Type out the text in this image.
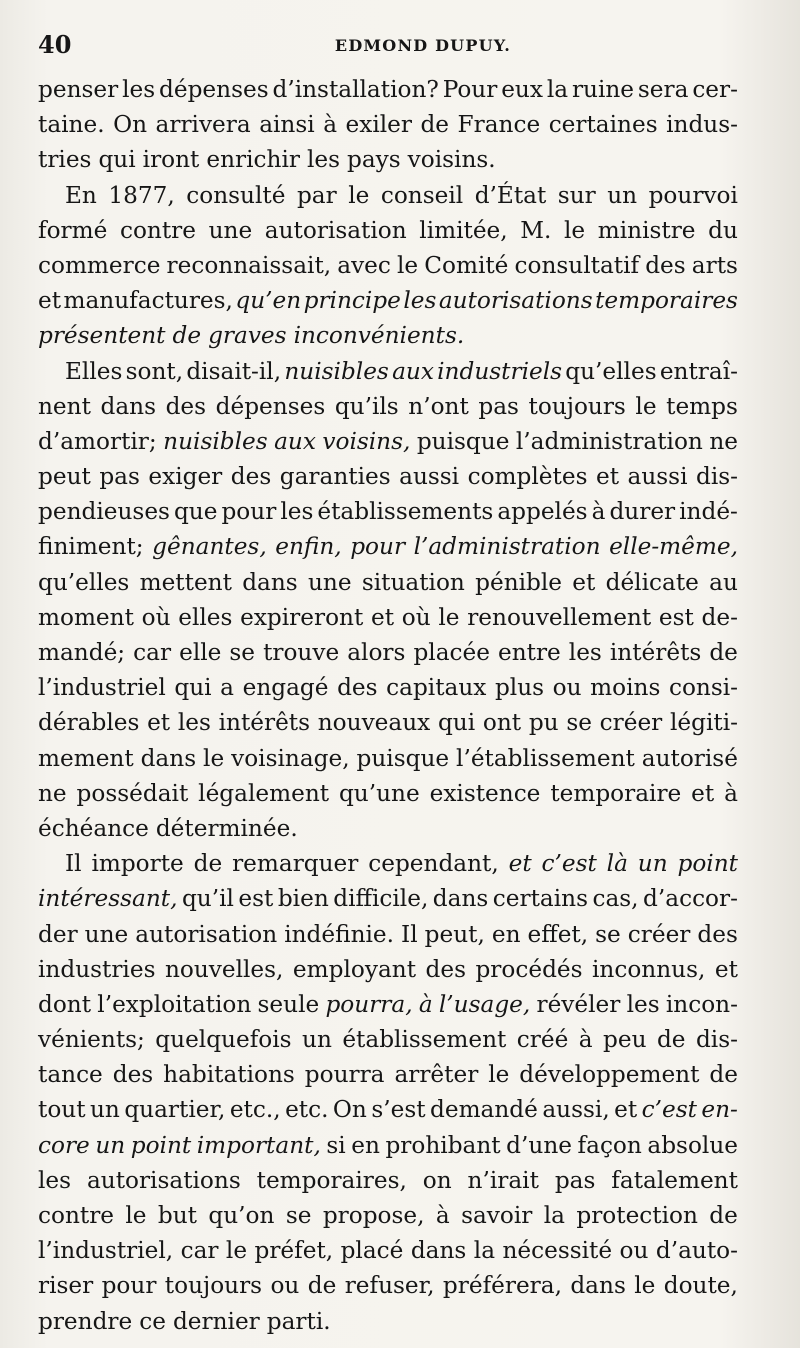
40	EDMOND DUPUY.
penser les dépenses d’installation? Pour eux la ruine sera cer-
taine. On arrivera ainsi à exiler de France certaines indus-
tries qui iront enrichir les pays voisins.
En 1877, consulté par le conseil d’État sur un pourvoi
formé contre une autorisation limitée, M. le ministre du
commerce reconnaissait, avec le Comité consultatif des arts
et manufactures, qu’en principe les autorisations temporaires
présentent de graves inconvénients.
Elles sont, disait-il, nuisibles aux industriels qu’elles entraî-
nent dans des dépenses qu’ils n’ont pas toujours le temps
d’amortir; nuisibles aux voisins, puisque l’administration ne
peut pas exiger des garanties aussi complètes et aussi dis-
pendieuses que pour les établissements appelés à durer indé-
finiment; gênantes, enfin, pour l’administration elle-même,
qu’elles mettent dans une situation pénible et délicate au
moment où elles expireront et où le renouvellement est de-
mandé; car elle se trouve alors placée entre les intérêts de
l’industriel qui a engagé des capitaux plus ou moins consi-
dérables et les intérêts nouveaux qui ont pu se créer légiti-
mement dans le voisinage, puisque l’établissement autorisé
ne possédait légalement qu’une existence temporaire et à
échéance déterminée.
Il importe de remarquer cependant, et c’est là un point
intéressant, qu’il est bien difficile, dans certains cas, d’accor-
der une autorisation indéfinie. Il peut, en effet, se créer des
industries nouvelles, employant des procédés inconnus, et
dont l’exploitation seule pourra, à l’usage, révéler les incon-
vénients; quelquefois un établissement créé à peu de dis-
tance des habitations pourra arrêter le développement de
tout un quartier, etc., etc. On s’est demandé aussi, et c’est en-
core un point important, si en prohibant d’une façon absolue
les autorisations temporaires, on n’irait pas fatalement
contre le but qu’on se propose, à savoir la protection de
l’industriel, car le préfet, placé dans la nécessité ou d’auto-
riser pour toujours ou de refuser, préférera, dans le doute,
prendre ce dernier parti.
